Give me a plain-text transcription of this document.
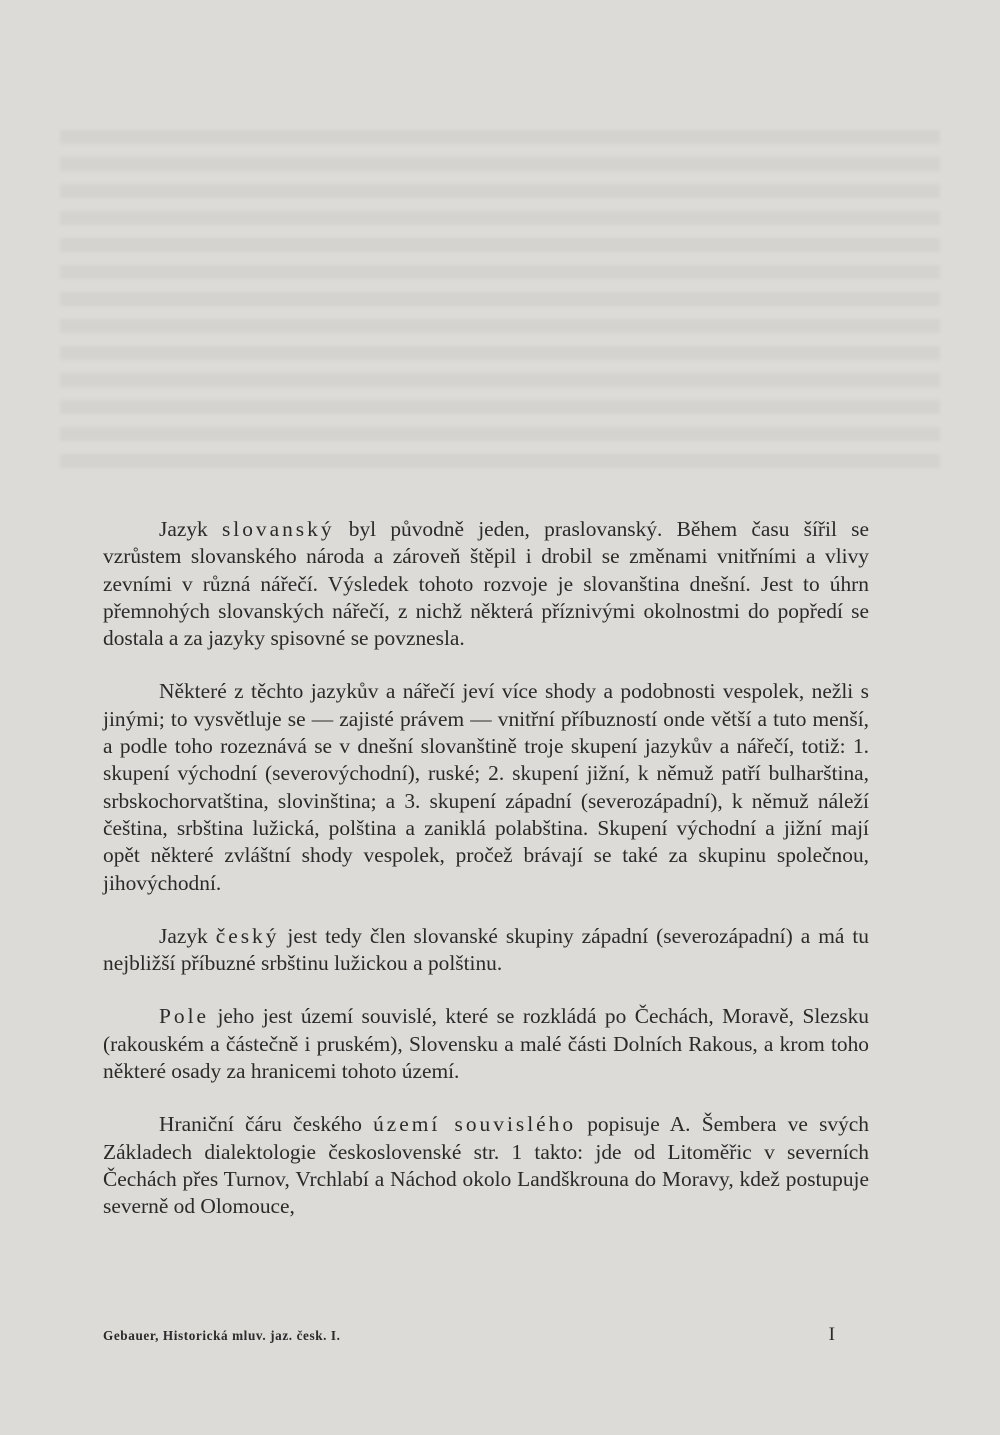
Jazyk slovanský byl původně jeden, praslovanský. Během času šířil se vzrůstem slovanského národa a zároveň štěpil i drobil se změnami vnitřními a vlivy zevními v různá nářečí. Výsledek tohoto rozvoje je slovanština dnešní. Jest to úhrn přemnohých slovanských nářečí, z nichž některá příznivými okolnostmi do popředí se dostala a za jazyky spisovné se povznesla.

Některé z těchto jazykův a nářečí jeví více shody a podobnosti vespolek, nežli s jinými; to vysvětluje se — zajisté právem — vnitřní příbuzností onde větší a tuto menší, a podle toho rozeznává se v dnešní slovanštině troje skupení jazykův a nářečí, totiž: 1. skupení východní (severovýchodní), ruské; 2. skupení jižní, k němuž patří bulharština, srbskochorvatština, slovinština; a 3. skupení západní (severozápadní), k němuž náleží čeština, srbština lužická, polština a zaniklá polabština. Skupení východní a jižní mají opět některé zvláštní shody vespolek, pročež brávají se také za skupinu společnou, jihovýchodní.

Jazyk český jest tedy člen slovanské skupiny západní (severozápadní) a má tu nejbližší příbuzné srbštinu lužickou a polštinu.

Pole jeho jest území souvislé, které se rozkládá po Čechách, Moravě, Slezsku (rakouském a částečně i pruském), Slovensku a malé části Dolních Rakous, a krom toho některé osady za hranicemi tohoto území.

Hraniční čáru českého území souvislého popisuje A. Šembera ve svých Základech dialektologie československé str. 1 takto: jde od Litoměřic v severních Čechách přes Turnov, Vrchlabí a Náchod okolo Landškrouna do Moravy, kdež postupuje severně od Olomouce,

Gebauer, Historická mluv. jaz. česk. I.	I
